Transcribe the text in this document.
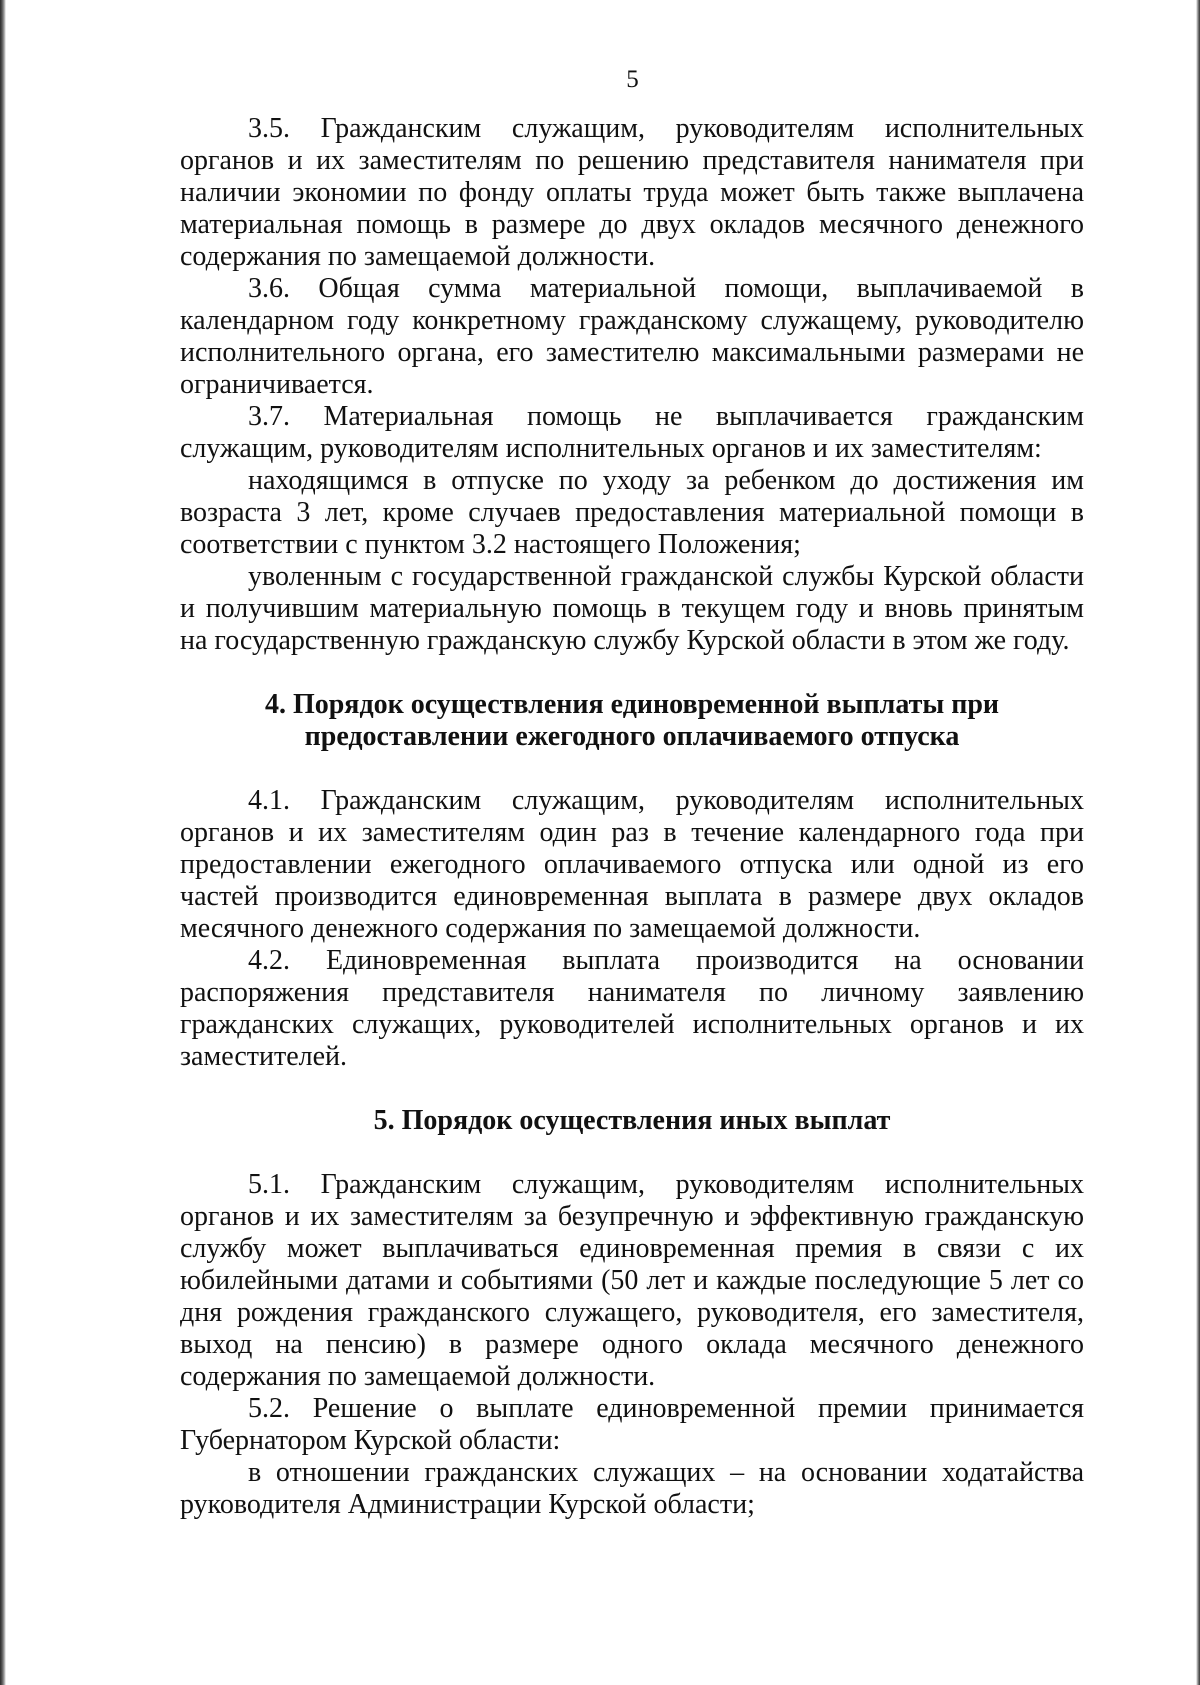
5

3.5. Гражданским служащим, руководителям исполнительных органов и их заместителям по решению представителя нанимателя при наличии экономии по фонду оплаты труда может быть также выплачена материальная помощь в размере до двух окладов месячного денежного содержания по замещаемой должности.

3.6. Общая сумма материальной помощи, выплачиваемой в календарном году конкретному гражданскому служащему, руководителю исполнительного органа, его заместителю максимальными размерами не ограничивается.

3.7. Материальная помощь не выплачивается гражданским служащим, руководителям исполнительных органов и их заместителям:

находящимся в отпуске по уходу за ребенком до достижения им возраста 3 лет, кроме случаев предоставления материальной помощи в соответствии с пунктом 3.2 настоящего Положения;

уволенным с государственной гражданской службы Курской области и получившим материальную помощь в текущем году и вновь принятым на государственную гражданскую службу Курской области в этом же году.

4. Порядок осуществления единовременной выплаты при
предоставлении ежегодного оплачиваемого отпуска

4.1. Гражданским служащим, руководителям исполнительных органов и их заместителям один раз в течение календарного года при предоставлении ежегодного оплачиваемого отпуска или одной из его частей производится единовременная выплата в размере двух окладов месячного денежного содержания по замещаемой должности.

4.2. Единовременная выплата производится на основании распоряжения представителя нанимателя по личному заявлению гражданских служащих, руководителей исполнительных органов и их заместителей.

5. Порядок осуществления иных выплат

5.1. Гражданским служащим, руководителям исполнительных органов и их заместителям за безупречную и эффективную гражданскую службу может выплачиваться единовременная премия в связи с их юбилейными датами и событиями (50 лет и каждые последующие 5 лет со дня рождения гражданского служащего, руководителя, его заместителя, выход на пенсию) в размере одного оклада месячного денежного содержания по замещаемой должности.

5.2. Решение о выплате единовременной премии принимается Губернатором Курской области:

в отношении гражданских служащих – на основании ходатайства руководителя Администрации Курской области;
